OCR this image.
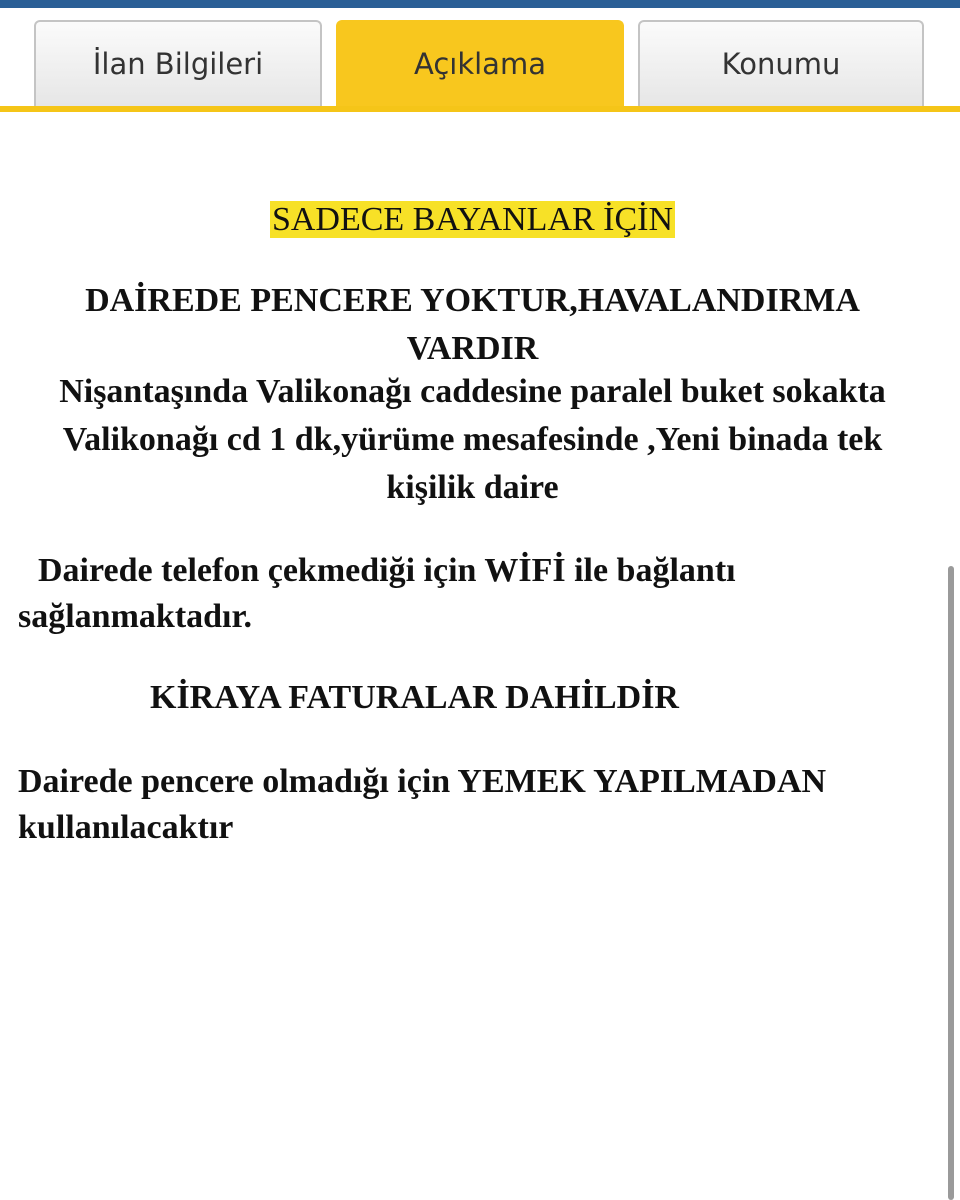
İlan Bilgileri	Açıklama	Konumu
SADECE BAYANLAR İÇİN
DAİREDE PENCERE YOKTUR,HAVALANDIRMA
VARDIR
Nişantaşında Valikonağı caddesine paralel buket sokakta
Valikonağı cd 1 dk,yürüme mesafesinde ,Yeni binada tek
kişilik daire
Dairede telefon çekmediği için WİFİ ile bağlantı
sağlanmaktadır.
KİRAYA FATURALAR DAHİLDİR
Dairede pencere olmadığı için YEMEK YAPILMADAN
kullanılacaktır
